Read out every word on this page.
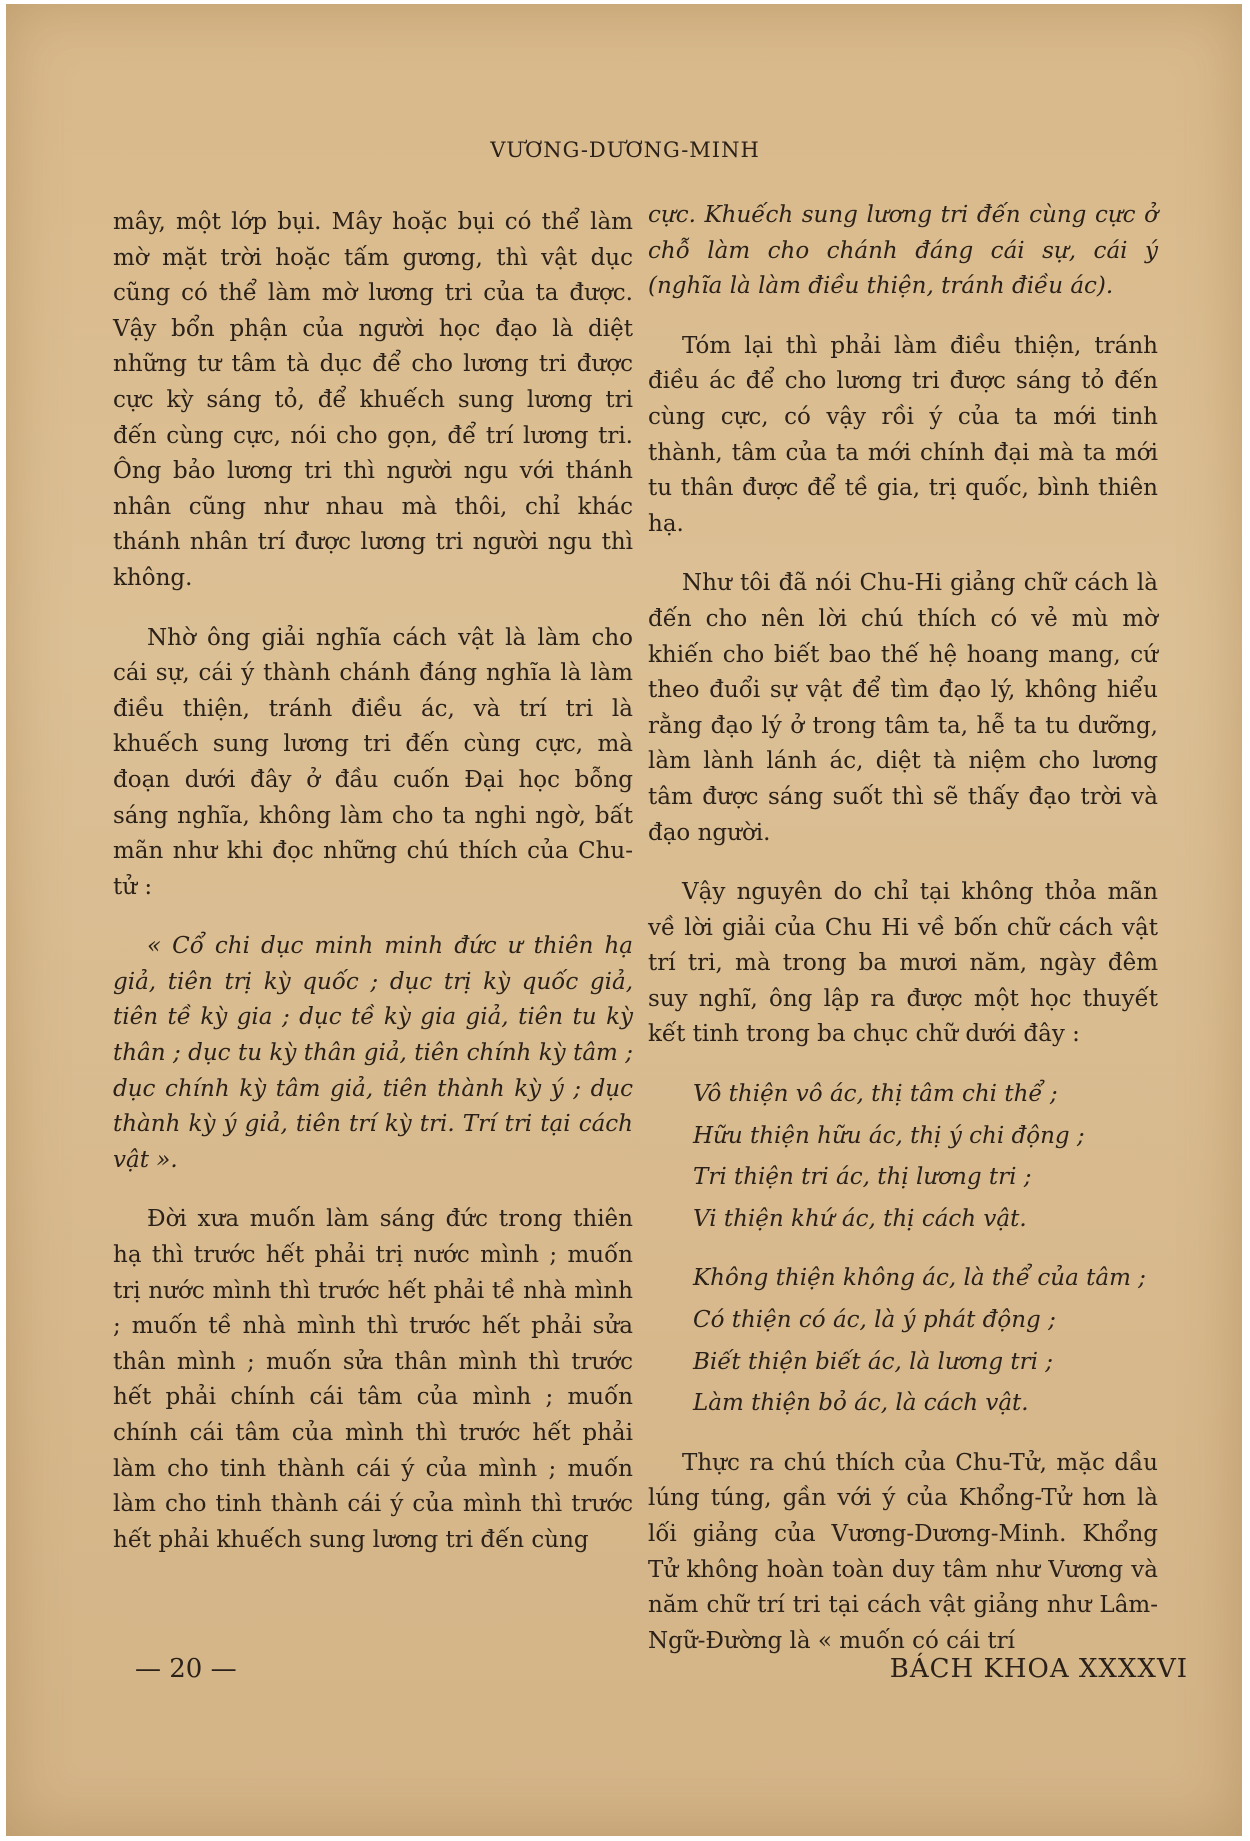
VƯƠNG-DƯƠNG-MINH

mây, một lớp bụi. Mây hoặc bụi có thể làm mờ mặt trời hoặc tấm gương, thì vật dục cũng có thể làm mờ lương tri của ta được. Vậy bổn phận của người học đạo là diệt những tư tâm tà dục để cho lương tri được cực kỳ sáng tỏ, để khuếch sung lương tri đến cùng cực, nói cho gọn, để trí lương tri. Ông bảo lương tri thì người ngu với thánh nhân cũng như nhau mà thôi, chỉ khác thánh nhân trí được lương tri người ngu thì không.

Nhờ ông giải nghĩa cách vật là làm cho cái sự, cái ý thành chánh đáng nghĩa là làm điều thiện, tránh điều ác, và trí tri là khuếch sung lương tri đến cùng cực, mà đoạn dưới đây ở đầu cuốn Đại học bỗng sáng nghĩa, không làm cho ta nghi ngờ, bất mãn như khi đọc những chú thích của Chu-tử :

« Cổ chi dục minh minh đức ư thiên hạ giả, tiên trị kỳ quốc ; dục trị kỳ quốc giả, tiên tề kỳ gia ; dục tề kỳ gia giả, tiên tu kỳ thân ; dục tu kỳ thân giả, tiên chính kỳ tâm ; dục chính kỳ tâm giả, tiên thành kỳ ý ; dục thành kỳ ý giả, tiên trí kỳ tri. Trí tri tại cách vật ».

Đời xưa muốn làm sáng đức trong thiên hạ thì trước hết phải trị nước mình ; muốn trị nước mình thì trước hết phải tề nhà mình ; muốn tề nhà mình thì trước hết phải sửa thân mình ; muốn sửa thân mình thì trước hết phải chính cái tâm của mình ; muốn chính cái tâm của mình thì trước hết phải làm cho tinh thành cái ý của mình ; muốn làm cho tinh thành cái ý của mình thì trước hết phải khuếch sung lương tri đến cùng

cực. Khuếch sung lương tri đến cùng cực ở chỗ làm cho chánh đáng cái sự, cái ý (nghĩa là làm điều thiện, tránh điều ác).

Tóm lại thì phải làm điều thiện, tránh điều ác để cho lương tri được sáng tỏ đến cùng cực, có vậy rồi ý của ta mới tinh thành, tâm của ta mới chính đại mà ta mới tu thân được để tề gia, trị quốc, bình thiên hạ.

Như tôi đã nói Chu-Hi giảng chữ cách là đến cho nên lời chú thích có vẻ mù mờ khiến cho biết bao thế hệ hoang mang, cứ theo đuổi sự vật để tìm đạo lý, không hiểu rằng đạo lý ở trong tâm ta, hễ ta tu dưỡng, làm lành lánh ác, diệt tà niệm cho lương tâm được sáng suốt thì sẽ thấy đạo trời và đạo người.

Vậy nguyên do chỉ tại không thỏa mãn về lời giải của Chu Hi về bốn chữ cách vật trí tri, mà trong ba mươi năm, ngày đêm suy nghĩ, ông lập ra được một học thuyết kết tinh trong ba chục chữ dưới đây :

Vô thiện vô ác, thị tâm chi thể ;
Hữu thiện hữu ác, thị ý chi động ;
Tri thiện tri ác, thị lương tri ;
Vi thiện khứ ác, thị cách vật.
Không thiện không ác, là thể của tâm ;
Có thiện có ác, là ý phát động ;
Biết thiện biết ác, là lương tri ;
Làm thiện bỏ ác, là cách vật.

Thực ra chú thích của Chu-Tử, mặc dầu lúng túng, gần với ý của Khổng-Tử hơn là lối giảng của Vương-Dương-Minh. Khổng Tử không hoàn toàn duy tâm như Vương và năm chữ trí tri tại cách vật giảng như Lâm-Ngữ-Đường là « muốn có cái trí

— 20 —	BÁCH KHOA XXXXVI
